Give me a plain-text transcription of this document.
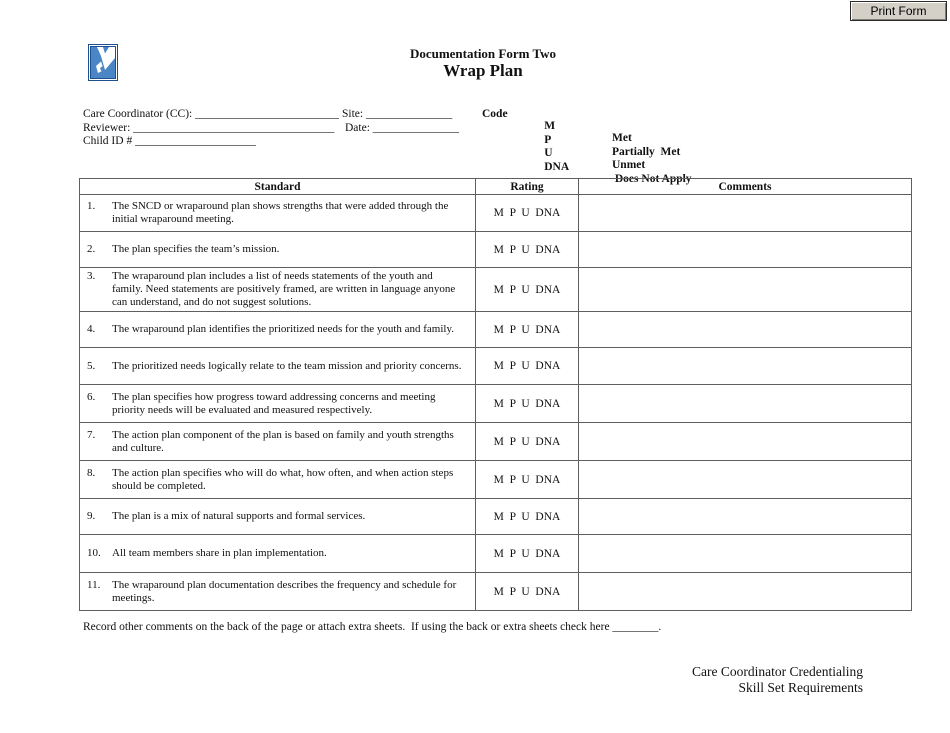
Print Form
Documentation Form Two
Wrap Plan
Care Coordinator (CC): _________________________ Site: _______________
Reviewer: ___________________________________ Date: _______________
Child ID # _____________________
Code

M

Met

P

Partially  Met

U

Unmet

DNA

Does Not Apply

Standard	Rating	Comments

1. The SNCD or wraparound plan shows strengths that were added through the initial wraparound meeting.	M  P  U  DNA	

2. The plan specifies the team’s mission.	M  P  U  DNA	

3. The wraparound plan includes a list of needs statements of the youth and family. Need statements are positively framed, are written in language anyone can understand, and do not suggest solutions.	M  P  U  DNA	

4. The wraparound plan identifies the prioritized needs for the youth and family.	M  P  U  DNA	

5. The prioritized needs logically relate to the team mission and priority concerns.	M  P  U  DNA	

6. The plan specifies how progress toward addressing concerns and meeting priority needs will be evaluated and measured respectively.	M  P  U  DNA	

7. The action plan component of the plan is based on family and youth strengths and culture.	M  P  U  DNA	

8. The action plan specifies who will do what, how often, and when action steps should be completed.	M  P  U  DNA	

9. The plan is a mix of natural supports and formal services.	M  P  U  DNA	

10. All team members share in plan implementation.	M  P  U  DNA	

11. The wraparound plan documentation describes the frequency and schedule for meetings.	M  P  U  DNA	
Record other comments on the back of the page or attach extra sheets.  If using the back or extra sheets check here ________.
Care Coordinator Credentialing
Skill Set Requirements
